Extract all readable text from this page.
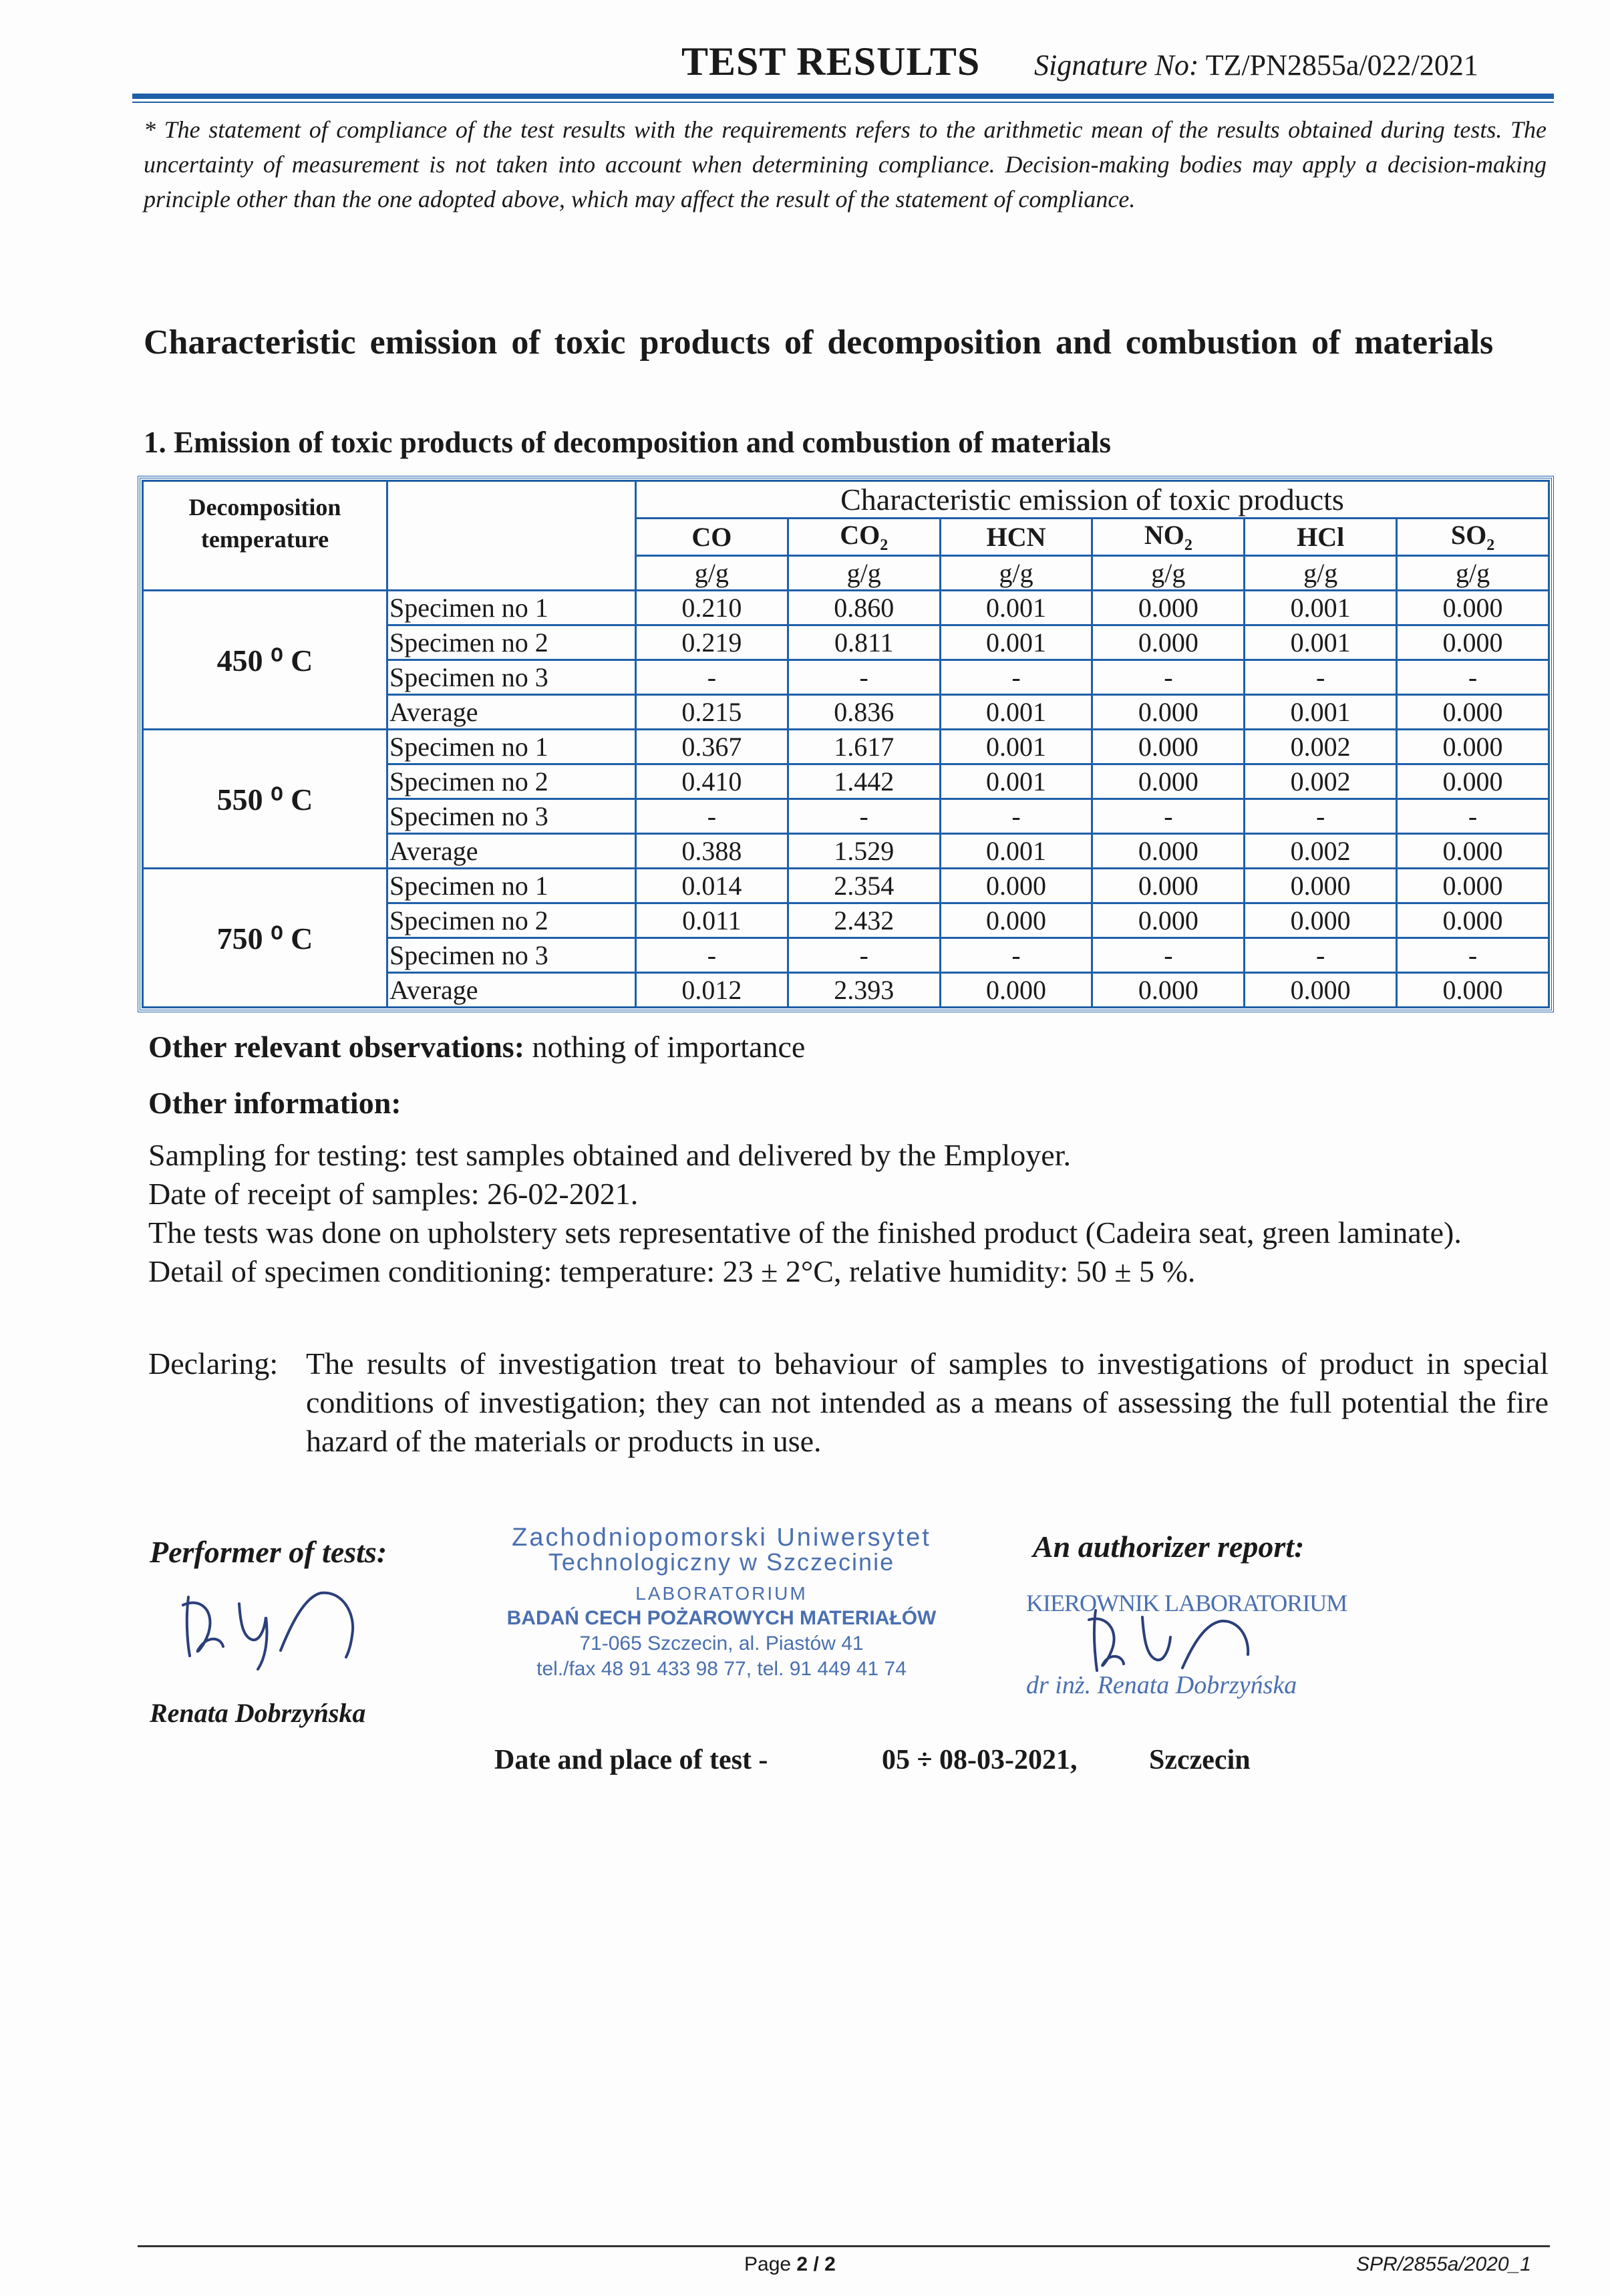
TEST RESULTS Signature No: TZ/PN2855a/022/2021
* The statement of compliance of the test results with the requirements refers to the arithmetic mean of the results obtained during tests. The uncertainty of measurement is not taken into account when determining compliance. Decision-making bodies may apply a decision-making principle other than the one adopted above, which may affect the result of the statement of compliance.
Characteristic emission of toxic products of decomposition and combustion of materials
1. Emission of toxic products of decomposition and combustion of materials
Decomposition temperature		Characteristic emission of toxic products					
		CO	$CO_2$	HCN	$NO_2$	HCl	$SO_2$
		g/g	g/g	g/g	g/g	g/g	g/g
450 ⁰ C	Specimen no 1	0.210	0.860	0.001	0.000	0.001	0.000
	Specimen no 2	0.219	0.811	0.001	0.000	0.001	0.000
	Specimen no 3	-	-	-	-	-	-
	Average	0.215	0.836	0.001	0.000	0.001	0.000
550 ⁰ C	Specimen no 1	0.367	1.617	0.001	0.000	0.002	0.000
	Specimen no 2	0.410	1.442	0.001	0.000	0.002	0.000
	Specimen no 3	-	-	-	-	-	-
	Average	0.388	1.529	0.001	0.000	0.002	0.000
750 ⁰ C	Specimen no 1	0.014	2.354	0.000	0.000	0.000	0.000
	Specimen no 2	0.011	2.432	0.000	0.000	0.000	0.000
	Specimen no 3	-	-	-	-	-	-
	Average	0.012	2.393	0.000	0.000	0.000	0.000
Other relevant observations: nothing of importance
Other information:

Sampling for testing: test samples obtained and delivered by the Employer.

Date of receipt of samples: 26-02-2021.

The tests was done on upholstery sets representative of the finished product (Cadeira seat, green laminate).

Detail of specimen conditioning: temperature: 23 ± 2°C, relative humidity: 50 ± 5 %.

Declaring: The results of investigation treat to behaviour of samples to investigations of product in special conditions of investigation; they can not intended as a means of assessing the full potential the fire hazard of the materials or products in use.
Performer of tests:
Renata Dobrzyńska
Zachodniopomorski Uniwersytet
Technologiczny w Szczecinie
LABORATORIUM
BADAŃ CECH POŻAROWYCH MATERIAŁÓW
71-065 Szczecin, al. Piastów 41
tel./fax 48 91 433 98 77, tel. 91 449 41 74
An authorizer report:
KIEROWNIK LABORATORIUM
dr inż. Renata Dobrzyńska
Date and place of test -	05 ÷ 08-03-2021,	Szczecin
Page 2 / 2	SPR/2855a/2020_1
